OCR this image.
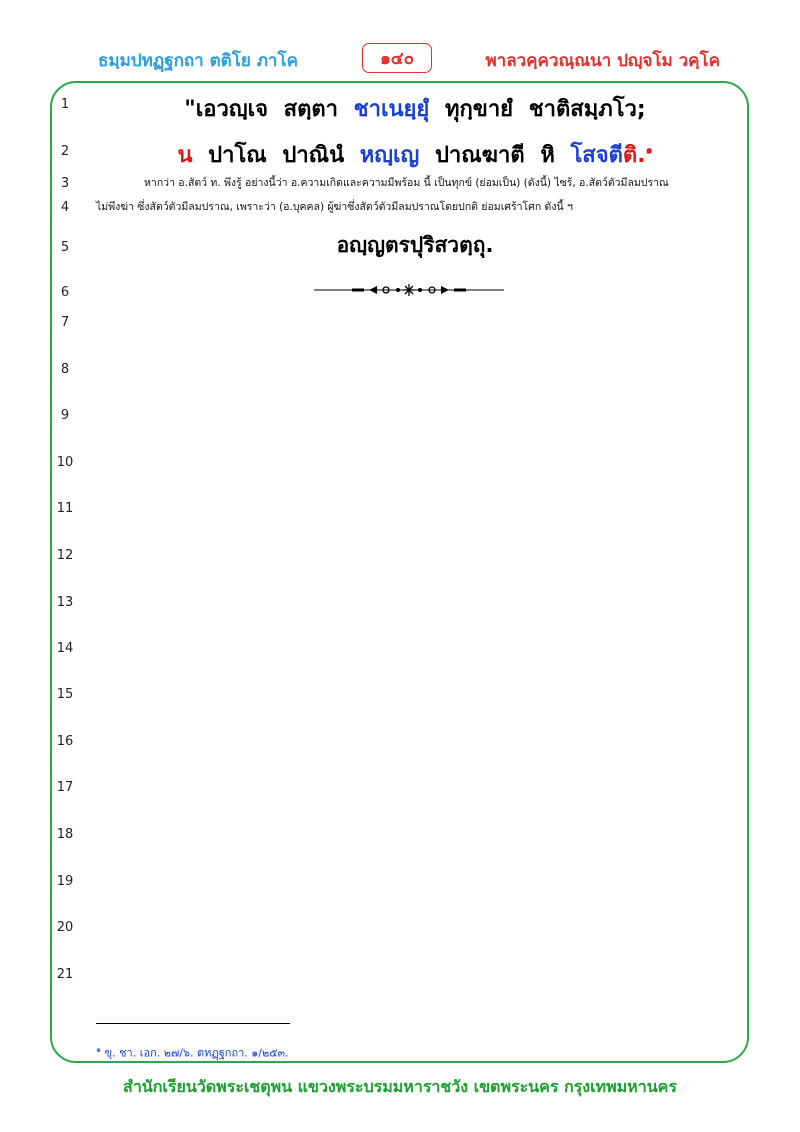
ธมฺมปทฏฺฐกถา ตติโย ภาโค	๑๔๐	พาลวคฺควณฺณนา ปญฺจโม วคฺโค
1
2
3
4
5
6
7
8
9
10
11
12
13
14
15
16
17
18
19
20
21
"เอวญฺเจ สตฺตา ชาเนยฺยุํ ทุกฺขายํ ชาติสมฺภโว;
น ปาโณ ปาณินํ หญฺเญ ปาณฆาตี หิ โสจตีติ.$^๑$
หากว่า อ.สัตว์ ท. พึงรู้ อย่างนี้ว่า อ.ความเกิดและความมีพร้อม นี้ เป็นทุกข์ (ย่อมเป็น) (ดังนี้) ไซร้, อ.สัตว์ตัวมีลมปราณ
ไม่พึงฆ่า ซึ่งสัตว์ตัวมีลมปราณ, เพราะว่า (อ.บุคคล) ผู้ฆ่าซึ่งสัตว์ตัวมีลมปราณโดยปกติ ย่อมเศร้าโศก ดังนี้ ฯ
อญฺญตรปุริสวตฺถุ.
$^๑$ ขุ. ชา. เอก. ๒๗/๖. ตทฏฺฐกถา. ๑/๒๕๓.
สำนักเรียนวัดพระเชตุพน แขวงพระบรมมหาราชวัง เขตพระนคร กรุงเทพมหานคร
